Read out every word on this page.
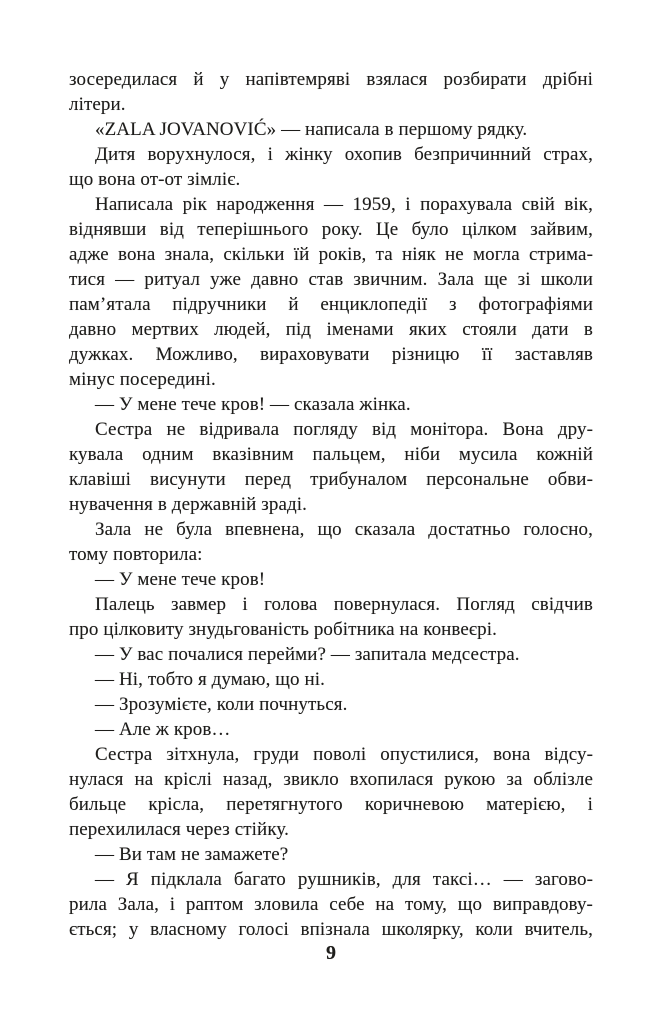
зосередилася й у напівтемряві взялася розбирати дрібні
літери.
«ZALA JOVANOVIĆ» — написала в першому рядку.
Дитя ворухнулося, і жінку охопив безпричинний страх,
що вона от-от зімліє.
Написала рік народження — 1959, і порахувала свій вік,
віднявши від теперішнього року. Це було цілком зайвим,
адже вона знала, скільки їй років, та ніяк не могла стрима-
тися — ритуал уже давно став звичним. Зала ще зі школи
пам’ятала підручники й енциклопедії з фотографіями
давно мертвих людей, під іменами яких стояли дати в
дужках. Можливо, вираховувати різницю її заставляв
мінус посередині.
— У мене тече кров! — сказала жінка.
Сестра не відривала погляду від монітора. Вона дру-
кувала одним вказівним пальцем, ніби мусила кожній
клавіші висунути перед трибуналом персональне обви-
нувачення в державній зраді.
Зала не була впевнена, що сказала достатньо голосно,
тому повторила:
— У мене тече кров!
Палець завмер і голова повернулася. Погляд свідчив
про цілковиту знудьгованість робітника на конвеєрі.
— У вас почалися перейми? — запитала медсестра.
— Ні, тобто я думаю, що ні.
— Зрозумієте, коли почнуться.
— Але ж кров…
Сестра зітхнула, груди поволі опустилися, вона відсу-
нулася на кріслі назад, звикло вхопилася рукою за облізле
бильце крісла, перетягнутого коричневою матерією, і
перехилилася через стійку.
— Ви там не замажете?
— Я підклала багато рушників, для таксі… — загово-
рила Зала, і раптом зловила себе на тому, що виправдову-
ється; у власному голосі впізнала школярку, коли вчитель,
9
